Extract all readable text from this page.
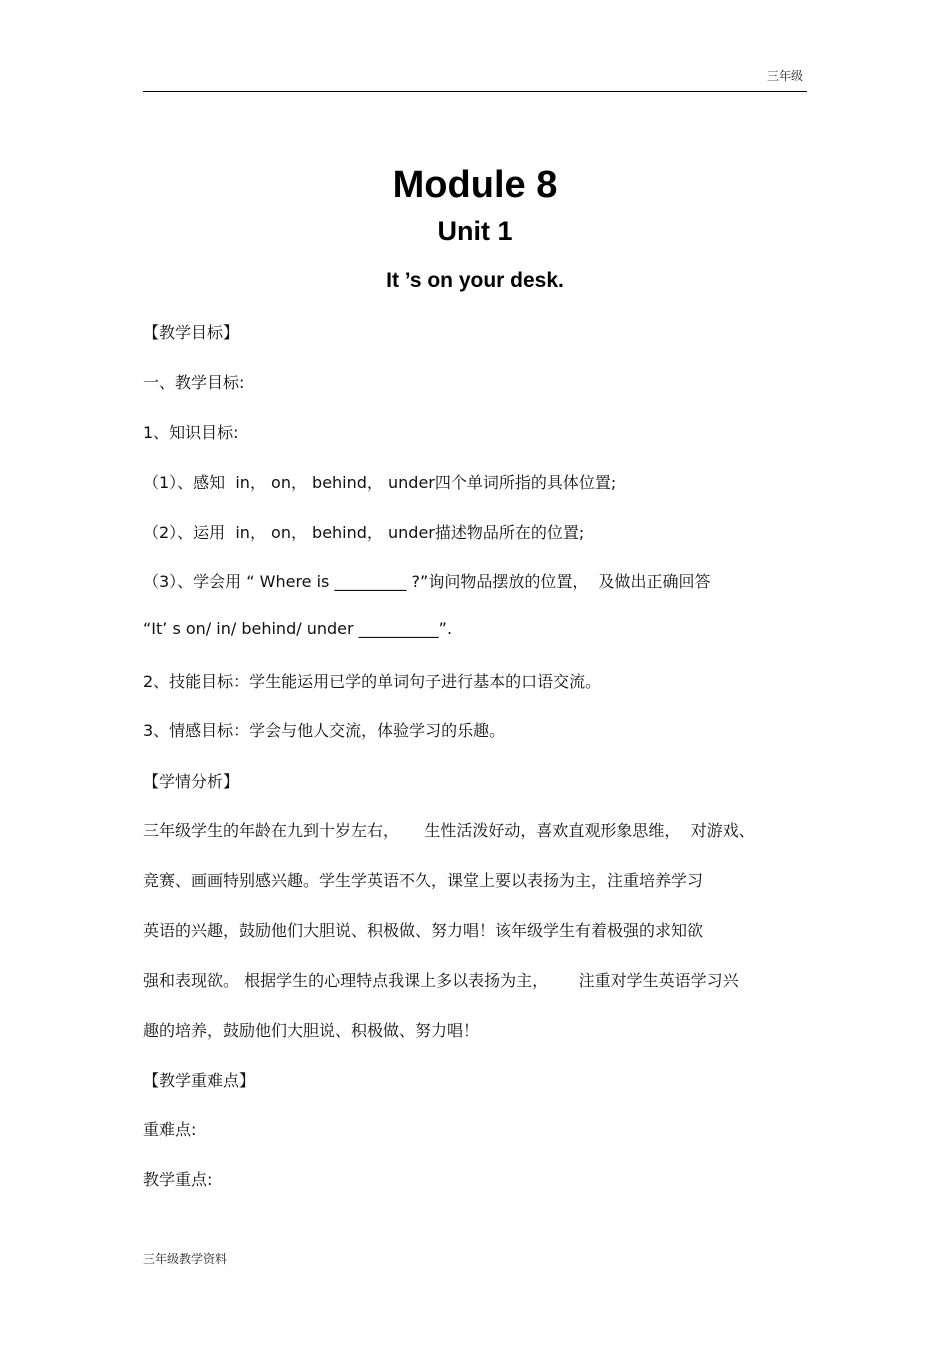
三年级
Module 8
Unit 1
It ’s on your desk.
【教学目标】
一、教学目标:
1、知识目标:
（1）、感知  in， on， behind， under四个单词所指的具体位置;
（2）、运用  in， on， behind， under描述物品所在的位置;
（3）、学会用 “ Where is _________ ?”询问物品摆放的位置，  及做出正确回答
“It’ s on/ in/ behind/ under __________”.
2、技能目标：学生能运用已学的单词句子进行基本的口语交流。
3、情感目标：学会与他人交流，体验学习的乐趣。
【学情分析】
三年级学生的年龄在九到十岁左右，     生性活泼好动，喜欢直观形象思维，  对游戏、
竞赛、画画特别感兴趣。学生学英语不久，课堂上要以表扬为主，注重培养学习
英语的兴趣，鼓励他们大胆说、积极做、努力唱！该年级学生有着极强的求知欲
强和表现欲。 根据学生的心理特点我课上多以表扬为主，      注重对学生英语学习兴
趣的培养，鼓励他们大胆说、积极做、努力唱！
【教学重难点】
重难点:
教学重点:
三年级教学资料
